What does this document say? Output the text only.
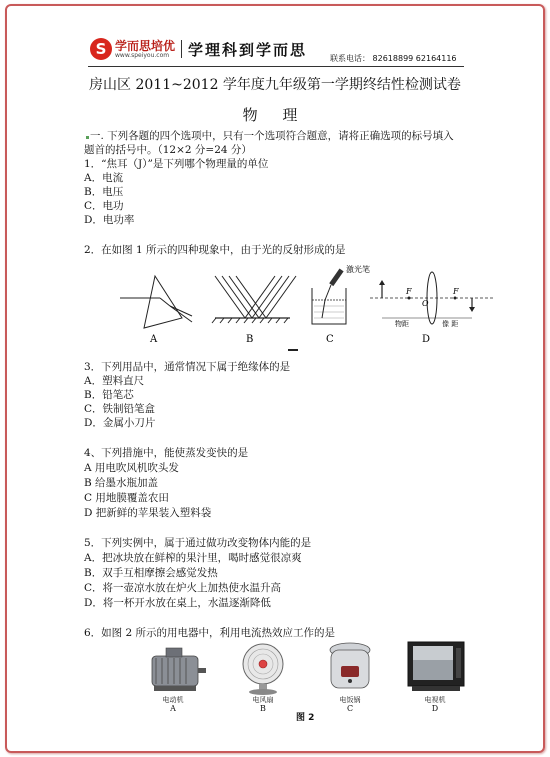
S 学而思培优
www.speiyou.com	学理科到学而思	联系电话： 82618899 62164116
房山区 2011~2012 学年度九年级第一学期终结性检测试卷
物 理
一. 下列各题的四个选项中，只有一个选项符合题意，请将正确选项的标号填入
题首的括号中。（12×2 分=24 分）
1．“焦耳（J）”是下列哪个物理量的单位
A．电流
B．电压
C．电功
D．电功率
2．在如图 1 所示的四种现象中，由于光的反射形成的是
A	B
激光笔
C
F
O
F
物距	像 距
D
3．下列用品中，通常情况下属于绝缘体的是
A．塑料直尺
B．铅笔芯
C．铁制铅笔盒
D．金属小刀片
4、下列措施中，能使蒸发变快的是
A 用电吹风机吹头发
B 给墨水瓶加盖
C 用地膜覆盖农田
D 把新鲜的苹果装入塑料袋
5．下列实例中，属于通过做功改变物体内能的是
A．把冰块放在鲜榨的果汁里，喝时感觉很凉爽
B．双手互相摩擦会感觉发热
C．将一壶凉水放在炉火上加热使水温升高
D．将一杯开水放在桌上，水温逐渐降低
6．如图 2 所示的用电器中，利用电流热效应工作的是
电动机
A
电风扇
B
电饭锅
C
电视机
D
图 2
